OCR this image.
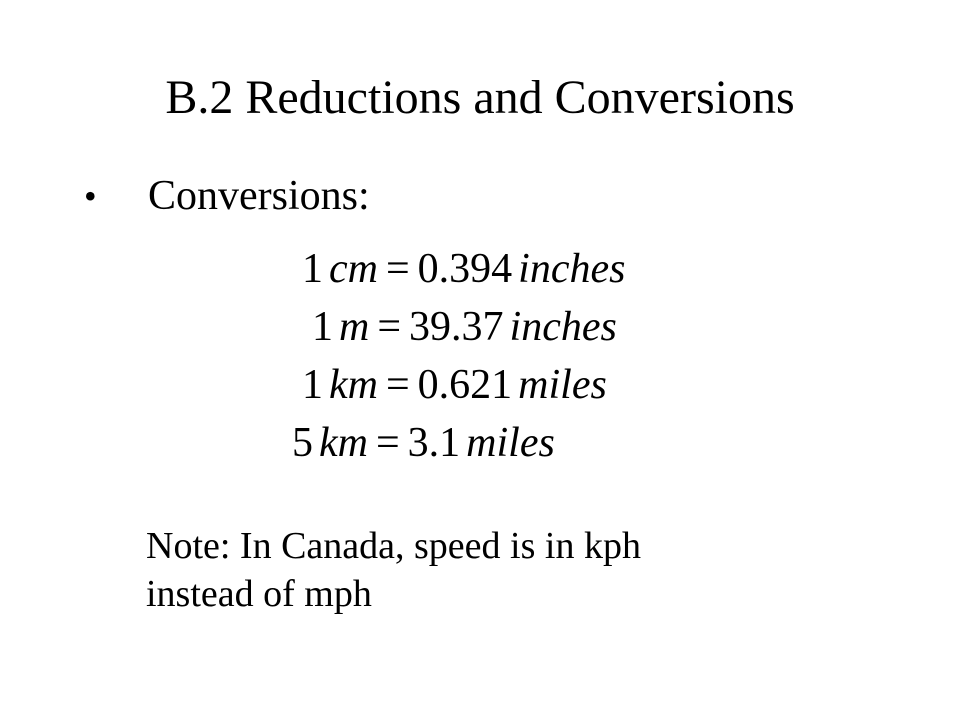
B.2 Reductions and Conversions
•	Conversions:
1 cm = 0.394 inches
1 m = 39.37 inches
1 km = 0.621 miles
5 km = 3.1 miles
Note: In Canada, speed is in kph
instead of mph
